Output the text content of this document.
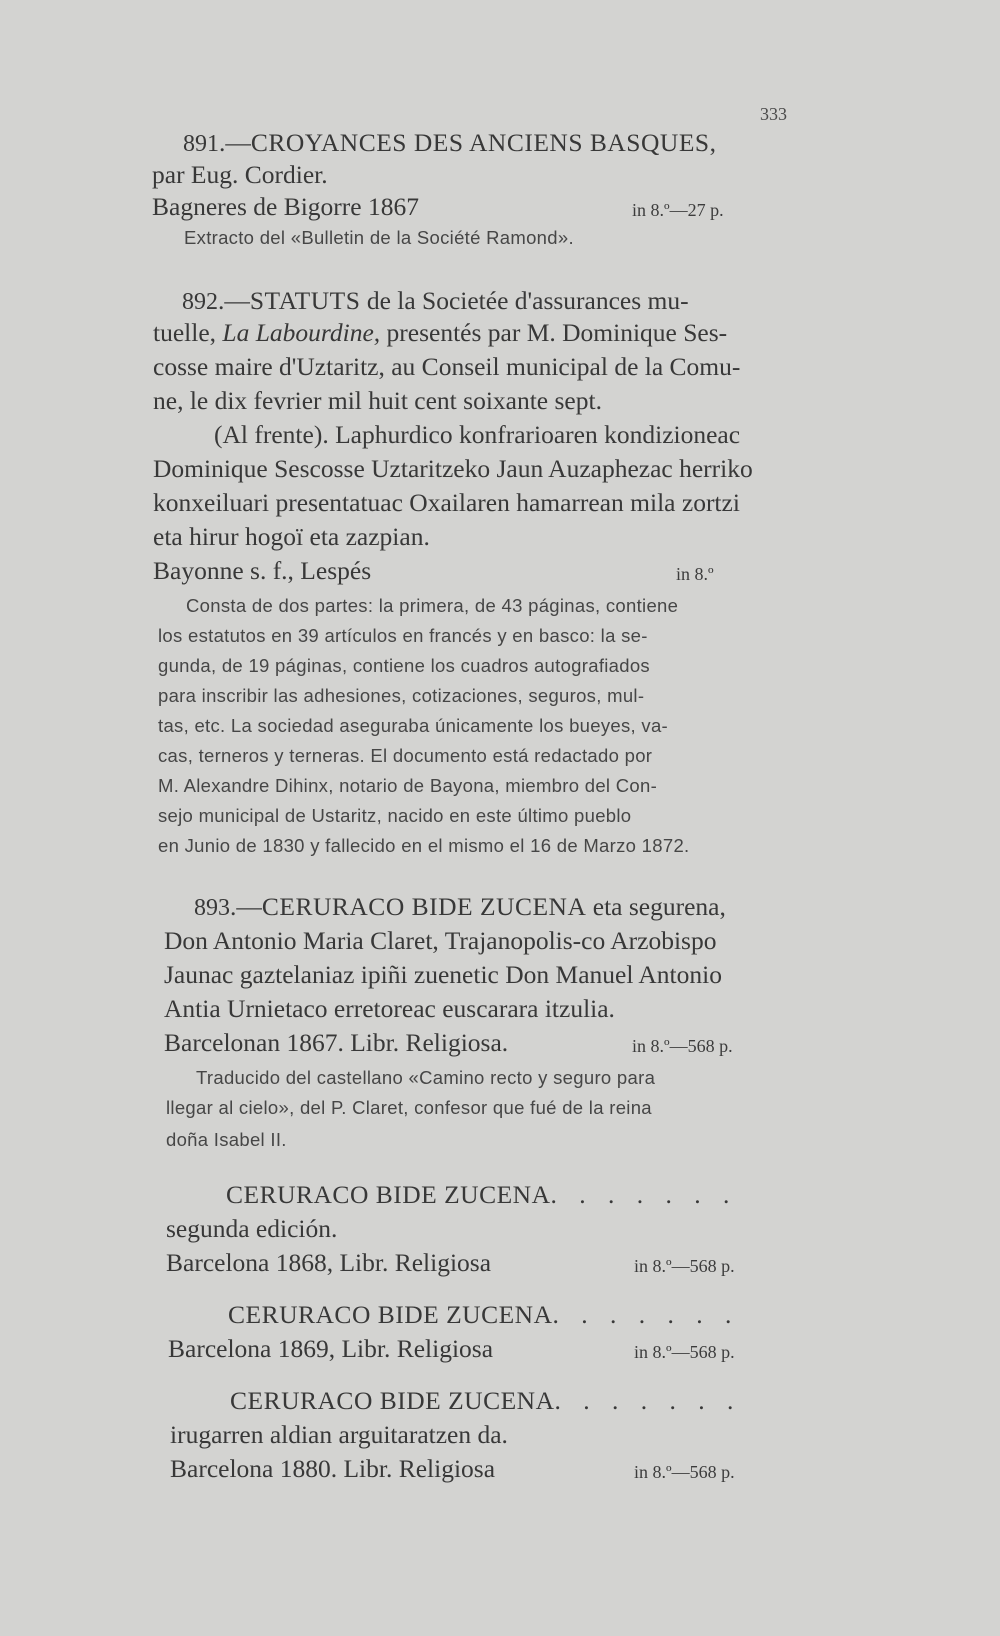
333
891.—CROYANCES DES ANCIENS BASQUES,
par Eug. Cordier.
Bagneres de Bigorre 1867	in 8.º—27 p.
Extracto del «Bulletin de la Société Ramond».
892.—STATUTS de la Societée d'assurances mu-
tuelle, La Labourdine, presentés par M. Dominique Ses-
cosse maire d'Uztaritz, au Conseil municipal de la Comu-
ne, le dix fevrier mil huit cent soixante sept.
(Al frente). Laphurdico konfrarioaren kondizioneac
Dominique Sescosse Uztaritzeko Jaun Auzaphezac herriko
konxeiluari presentatuac Oxailaren hamarrean mila zortzi
eta hirur hogoï eta zazpian.
Bayonne s. f., Lespés	in 8.º
Consta de dos partes: la primera, de 43 páginas, contiene
los estatutos en 39 artículos en francés y en basco: la se-
gunda, de 19 páginas, contiene los cuadros autografiados
para inscribir las adhesiones, cotizaciones, seguros, mul-
tas, etc. La sociedad aseguraba únicamente los bueyes, va-
cas, terneros y terneras. El documento está redactado por
M. Alexandre Dihinx, notario de Bayona, miembro del Con-
sejo municipal de Ustaritz, nacido en este último pueblo
en Junio de 1830 y fallecido en el mismo el 16 de Marzo 1872.
893.—CERURACO BIDE ZUCENA eta segurena,
Don Antonio Maria Claret, Trajanopolis-co Arzobispo
Jaunac gaztelaniaz ipiñi zuenetic Don Manuel Antonio
Antia Urnietaco erretoreac euscarara itzulia.
Barcelonan 1867. Libr. Religiosa.	in 8.º—568 p.
Traducido del castellano «Camino recto y seguro para
llegar al cielo», del P. Claret, confesor que fué de la reina
doña Isabel II.
CERURACO BIDE ZUCENA. . . . . . .
segunda edición.
Barcelona 1868, Libr. Religiosa	in 8.º—568 p.
CERURACO BIDE ZUCENA. . . . . . .
Barcelona 1869, Libr. Religiosa	in 8.º—568 p.
CERURACO BIDE ZUCENA. . . . . . .
irugarren aldian arguitaratzen da.
Barcelona 1880. Libr. Religiosa	in 8.º—568 p.
